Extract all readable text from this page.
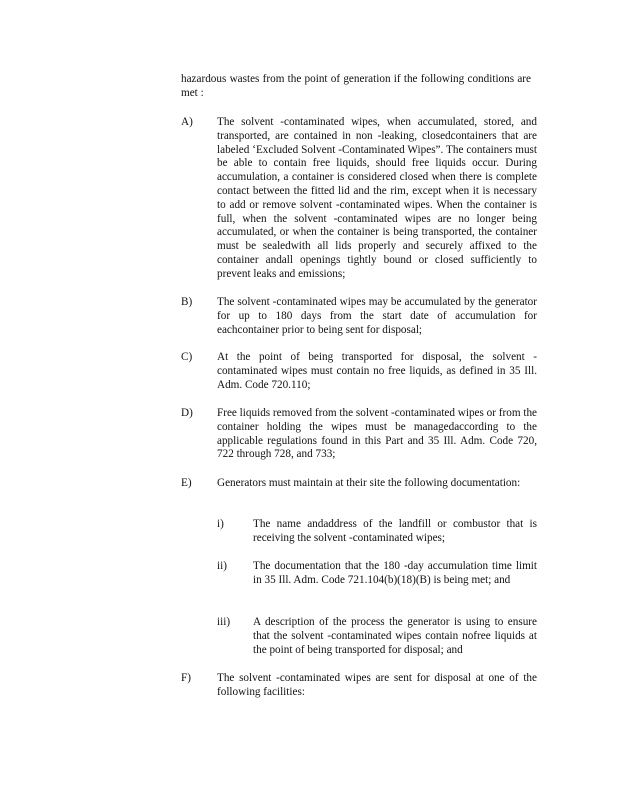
hazardous wastes from the point of generation if the following conditions are met :
A)	The solvent -contaminated wipes, when accumulated, stored, and transported, are contained in non -leaking, closedcontainers that are labeled ‘Excluded Solvent -Contaminated Wipes”. The containers must be able to contain free liquids, should free liquids occur. During accumulation, a container is considered closed when there is complete contact between the fitted lid and the rim, except when it is necessary to add or remove solvent -contaminated wipes. When the container is full, when the solvent -contaminated wipes are no longer being accumulated, or when the container is being transported, the container must be sealedwith all lids properly and securely affixed to the container andall openings tightly bound or closed sufficiently to prevent leaks and emissions;
B)	The solvent -contaminated wipes may be accumulated by the generator for up to 180 days from the start date of accumulation for eachcontainer prior to being sent for disposal;
C)	At the point of being transported for disposal, the solvent -contaminated wipes must contain no free liquids, as defined in 35 Ill. Adm. Code 720.110;
D)	Free liquids removed from the solvent -contaminated wipes or from the container holding the wipes must be managedaccording to the applicable regulations found in this Part and 35 Ill. Adm. Code 720, 722 through 728, and 733;
E)	Generators must maintain at their site the following documentation:
i)	The name andaddress of the landfill or combustor that is receiving the solvent -contaminated wipes;
ii)	The documentation that the 180 -day accumulation time limit in 35 Ill. Adm. Code 721.104(b)(18)(B) is being met; and
iii)	A description of the process the generator is using to ensure that the solvent -contaminated wipes contain nofree liquids at the point of being transported for disposal; and
F)	The solvent -contaminated wipes are sent for disposal at one of the following facilities:
